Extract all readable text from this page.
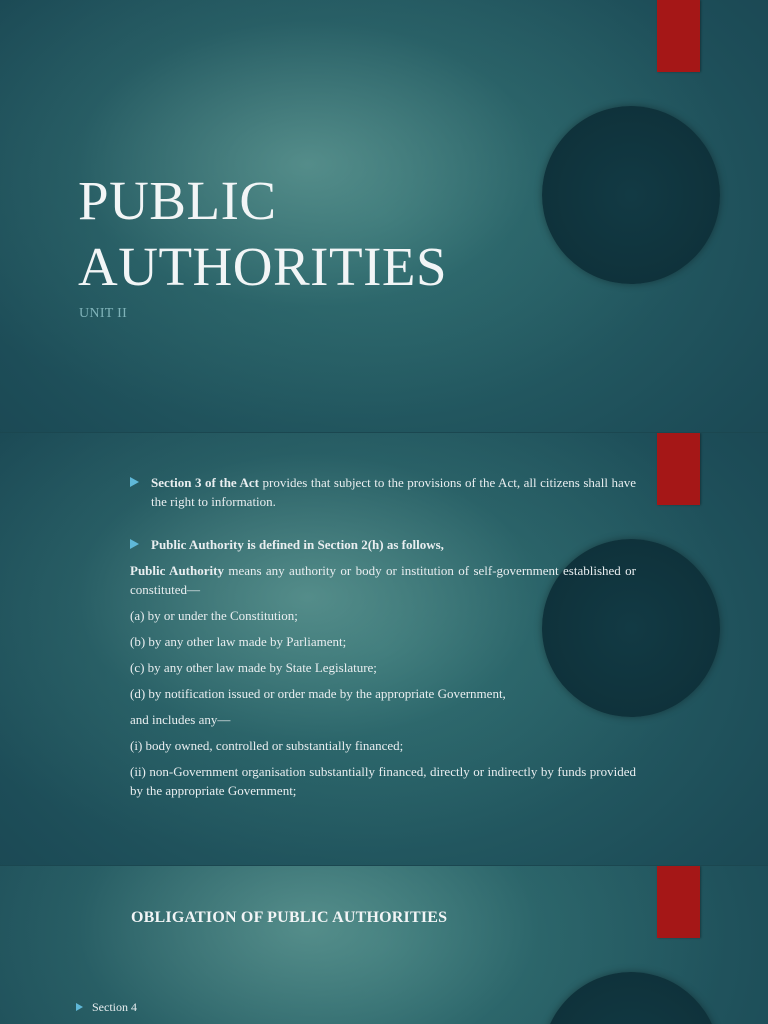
PUBLIC
AUTHORITIES

UNIT II

Section 3 of the Act provides that subject to the provisions of the Act, all citizens shall have the right to information.
Public Authority is defined in Section 2(h) as follows,
Public Authority means any authority or body or institution of self-government established or constituted—
(a) by or under the Constitution;
(b) by any other law made by Parliament;
(c) by any other law made by State Legislature;
(d) by notification issued or order made by the appropriate Government,
and includes any—
(i) body owned, controlled or substantially financed;
(ii) non-Government organisation substantially financed, directly or indirectly by funds provided by the appropriate Government;
OBLIGATION OF PUBLIC AUTHORITIES
Section 4
